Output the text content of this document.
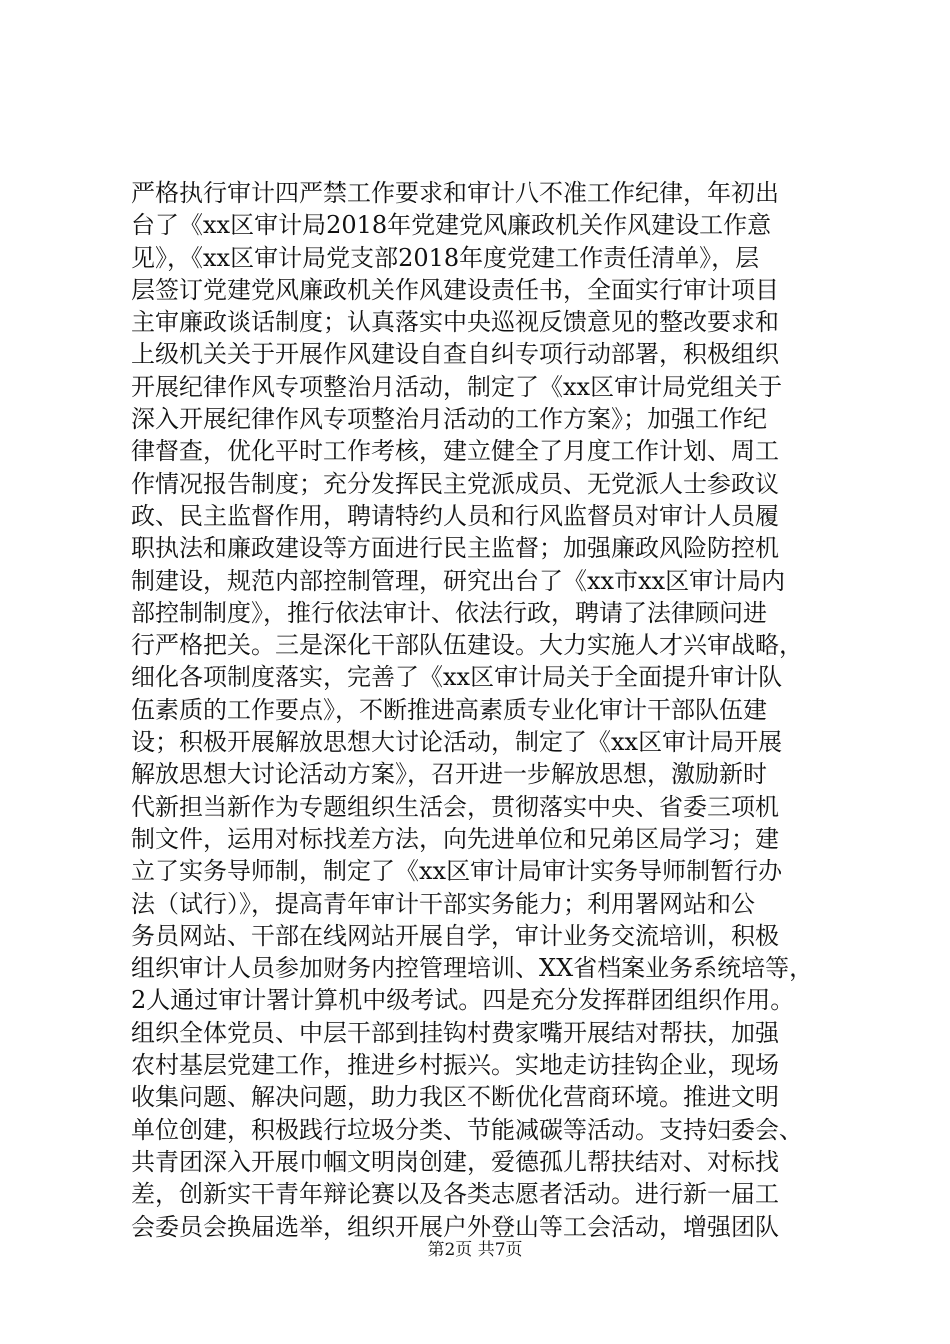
严格执行审计四严禁工作要求和审计八不准工作纪律，年初出
台了《xx区审计局2018年党建党风廉政机关作风建设工作意
见》，《xx区审计局党支部2018年度党建工作责任清单》，层
层签订党建党风廉政机关作风建设责任书，全面实行审计项目
主审廉政谈话制度；认真落实中央巡视反馈意见的整改要求和
上级机关关于开展作风建设自查自纠专项行动部署，积极组织
开展纪律作风专项整治月活动，制定了《xx区审计局党组关于
深入开展纪律作风专项整治月活动的工作方案》；加强工作纪
律督查，优化平时工作考核，建立健全了月度工作计划、周工
作情况报告制度；充分发挥民主党派成员、无党派人士参政议
政、民主监督作用，聘请特约人员和行风监督员对审计人员履
职执法和廉政建设等方面进行民主监督；加强廉政风险防控机
制建设，规范内部控制管理，研究出台了《xx市xx区审计局内
部控制制度》，推行依法审计、依法行政，聘请了法律顾问进
行严格把关。三是深化干部队伍建设。大力实施人才兴审战略，
细化各项制度落实，完善了《xx区审计局关于全面提升审计队
伍素质的工作要点》，不断推进高素质专业化审计干部队伍建
设；积极开展解放思想大讨论活动，制定了《xx区审计局开展
解放思想大讨论活动方案》，召开进一步解放思想，激励新时
代新担当新作为专题组织生活会，贯彻落实中央、省委三项机
制文件，运用对标找差方法，向先进单位和兄弟区局学习；建
立了实务导师制，制定了《xx区审计局审计实务导师制暂行办
法（试行）》，提高青年审计干部实务能力；利用署网站和公
务员网站、干部在线网站开展自学，审计业务交流培训，积极
组织审计人员参加财务内控管理培训、XX省档案业务系统培等，
2人通过审计署计算机中级考试。四是充分发挥群团组织作用。
组织全体党员、中层干部到挂钩村费家嘴开展结对帮扶，加强
农村基层党建工作，推进乡村振兴。实地走访挂钩企业，现场
收集问题、解决问题，助力我区不断优化营商环境。推进文明
单位创建，积极践行垃圾分类、节能减碳等活动。支持妇委会、
共青团深入开展巾帼文明岗创建，爱德孤儿帮扶结对、对标找
差，创新实干青年辩论赛以及各类志愿者活动。进行新一届工
会委员会换届选举，组织开展户外登山等工会活动，增强团队
第2页 共7页
